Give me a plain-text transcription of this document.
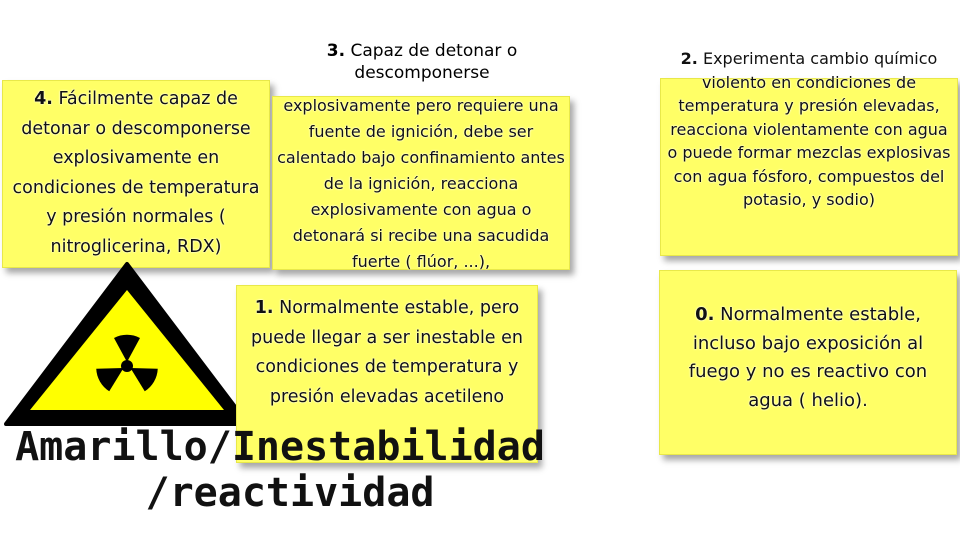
4. Fácilmente capaz de detonar o descomponerse explosivamente en condiciones de temperatura y presión normales ( nitroglicerina, RDX)
explosivamente pero requiere una fuente de ignición, debe ser calentado bajo confinamiento antes de la ignición, reacciona explosivamente con agua o detonará si recibe una sacudida fuerte ( flúor, ...),
3. Capaz de detonar o descomponerse
2. Experimenta cambio químico violento en condiciones de temperatura y presión elevadas, reacciona violentamente con agua o puede formar mezclas explosivas con agua fósforo, compuestos del potasio, y sodio)
1. Normalmente estable, pero puede llegar a ser inestable en condiciones de temperatura y presión elevadas acetileno
0. Normalmente estable, incluso bajo exposición al fuego y no es reactivo con agua ( helio).
Amarillo/Inestabilidad
/reactividad
